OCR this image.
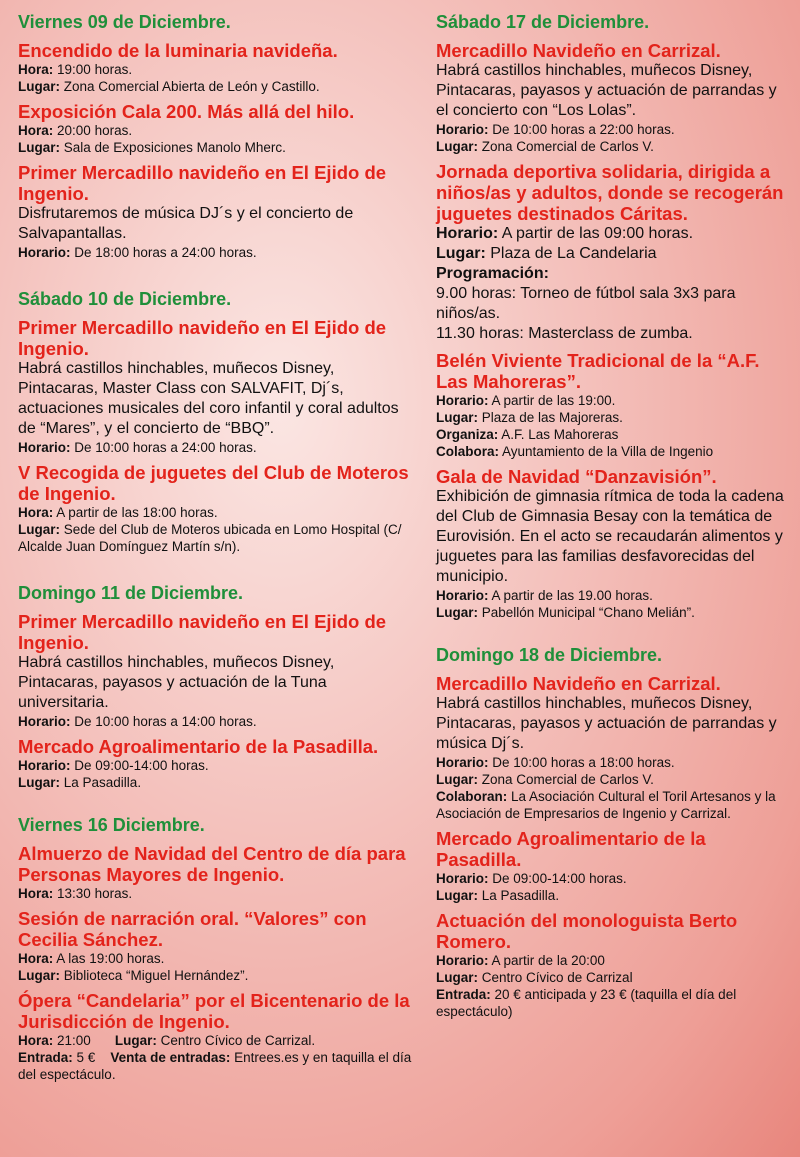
Viernes 09 de Diciembre.

Encendido de la luminaria navideña.

Hora: 19:00 horas.

Lugar: Zona Comercial Abierta de León y Castillo.

Exposición Cala 200. Más allá del hilo.

Hora: 20:00 horas.

Lugar: Sala de Exposiciones Manolo Mherc.

Primer Mercadillo navideño en El Ejido de Ingenio.

Disfrutaremos de música DJ´s y el concierto de Salvapantallas.

Horario: De 18:00 horas a 24:00 horas.

Sábado 10 de Diciembre.

Primer Mercadillo navideño en El Ejido de Ingenio.

Habrá castillos hinchables, muñecos Disney, Pintacaras, Master Class con SALVAFIT, Dj´s, actuaciones musicales del coro infantil y coral adultos de “Mares”, y el concierto de “BBQ”.

Horario: De 10:00 horas a 24:00 horas.

V Recogida de juguetes del Club de Moteros de Ingenio.

Hora: A partir de las 18:00 horas.

Lugar: Sede del Club de Moteros ubicada en Lomo Hospital (C/ Alcalde Juan Domínguez Martín s/n).

Domingo 11 de Diciembre.

Primer Mercadillo navideño en El Ejido de Ingenio.

Habrá castillos hinchables, muñecos Disney, Pintacaras, payasos y actuación de la Tuna universitaria.

Horario: De 10:00 horas a 14:00 horas.

Mercado Agroalimentario de la Pasadilla.

Horario: De 09:00-14:00 horas.

Lugar: La Pasadilla.

Viernes 16 Diciembre.

Almuerzo de Navidad del Centro de día para Personas Mayores de Ingenio.

Hora: 13:30 horas.

Sesión de narración oral. “Valores” con Cecilia Sánchez.

Hora: A las 19:00 horas.

Lugar: Biblioteca “Miguel Hernández”.

Ópera “Candelaria” por el Bicentenario de la Jurisdicción de Ingenio.

Hora: 21:00 Lugar: Centro Cívico de Carrizal.

Entrada: 5 € Venta de entradas: Entrees.es y en taquilla el día del espectáculo.

Sábado 17 de Diciembre.

Mercadillo Navideño en Carrizal.

Habrá castillos hinchables, muñecos Disney, Pintacaras, payasos y actuación de parrandas y el concierto con “Los Lolas”.

Horario: De 10:00 horas a 22:00 horas.

Lugar: Zona Comercial de Carlos V.

Jornada deportiva solidaria, dirigida a niños/as y adultos, donde se recogerán juguetes destinados Cáritas.

Horario: A partir de las 09:00 horas.

Lugar: Plaza de La Candelaria

Programación:

9.00 horas: Torneo de fútbol sala 3x3 para niños/as.

11.30 horas: Masterclass de zumba.

Belén Viviente Tradicional de la “A.F. Las Mahoreras”.

Horario: A partir de las 19:00.

Lugar: Plaza de las Majoreras.

Organiza: A.F. Las Mahoreras

Colabora: Ayuntamiento de la Villa de Ingenio

Gala de Navidad “Danzavisión”.

Exhibición de gimnasia rítmica de toda la cadena del Club de Gimnasia Besay con la temática de Eurovisión. En el acto se recaudarán alimentos y juguetes para las familias desfavorecidas del municipio.

Horario: A partir de las 19.00 horas.

Lugar: Pabellón Municipal “Chano Melián”.

Domingo 18 de Diciembre.

Mercadillo Navideño en Carrizal.

Habrá castillos hinchables, muñecos Disney, Pintacaras, payasos y actuación de parrandas y música Dj´s.

Horario: De 10:00 horas a 18:00 horas.

Lugar: Zona Comercial de Carlos V.

Colaboran: La Asociación Cultural el Toril Artesanos y la Asociación de Empresarios de Ingenio y Carrizal.

Mercado Agroalimentario de la Pasadilla.

Horario: De 09:00-14:00 horas.

Lugar: La Pasadilla.

Actuación del monologuista Berto Romero.

Horario: A partir de la 20:00

Lugar: Centro Cívico de Carrizal

Entrada: 20 € anticipada y 23 € (taquilla el día del espectáculo)
